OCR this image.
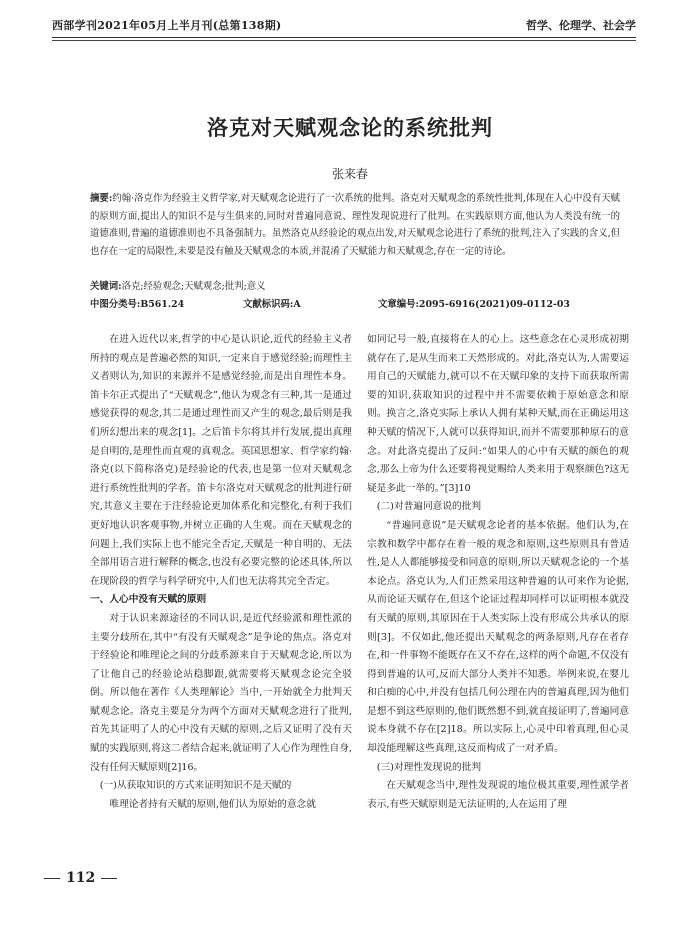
西部学刊2021年05月上半月刊(总第138期)	哲学、伦理学、社会学
洛克对天赋观念论的系统批判
张来春
摘要:约翰·洛克作为经验主义哲学家,对天赋观念论进行了一次系统的批判。洛克对天赋观念的系统性批判,体现在人心中没有天赋的原则方面,提出人的知识不是与生俱来的,同时对普遍同意说、理性发现说进行了批判。在实践原则方面,他认为人类没有统一的道德准则,普遍的道德准则也不具备强制力。虽然洛克从经验论的观点出发,对天赋观念论进行了系统的批判,注入了实践的含义,但也存在一定的局限性,未要是没有触及天赋观念的本质,并混淆了天赋能力和天赋观念,存在一定的诗论。
关键词:洛克;经验观念;天赋观念;批判;意义
中图分类号:B561.24	文献标识码:A	文章编号:2095-6916(2021)09-0112-03

在进入近代以来,哲学的中心是认识论,近代的经验主义者所持的观点是普遍必然的知识,一定来自于感觉经验;而理性主义者则认为,知识的来源并不是感觉经验,而是出自理性本身。笛卡尔正式提出了“天赋观念”,他认为观念有三种,其一是通过感觉获得的观念,其二是通过理性而又产生的观念,最后则是我们所幻想出来的观念[1]。之后笛卡尔将其并行发展,提出真理是自明的,是理性而直观的真观念。英国思想家、哲学家约翰·洛克(以下简称洛克)是经验论的代表,也是第一位对天赋观念进行系统性批判的学者。笛卡尔洛克对天赋观念的批判进行研究,其意义主要在于注经验论更加体系化和完整化,有利于我们更好地认识客观事物,并树立正确的人生观。而在天赋观念的问题上,我们实际上也不能完全否定,天赋是一种自明的、无法全部用语言进行解释的概念,也没有必要完整的论述具体,所以在现阶段的哲学与科学研究中,人们也无法将其完全否定。

一、人心中没有天赋的原则

对于认识来源途径的不同认识,是近代经验派和理性派的主要分歧所在,其中“有没有天赋观念”是争论的焦点。洛克对于经验论和唯理论之间的分歧系源来自于天赋观念论,所以为了让他自己的经验论站稳脚跟,就需要将天赋观念论完全驳倒。所以他在著作《人类理解论》当中,一开始就全力批判天赋观念论。洛克主要是分为两个方面对天赋观念进行了批判,首先其证明了人的心中没有天赋的原则,之后又证明了没有天赋的实践原则,将这二者结合起来,就证明了人心作为理性自身,没有任何天赋原则[2]16。

(一)从获取知识的方式来证明知识不是天赋的

唯理论者持有天赋的原则,他们认为原始的意念就

如同记号一般,直接将在人的心上。这些意念在心灵形成初期就存在了,是从生而来工天然形成的。对此,洛克认为,人需要运用自己的天赋能力,就可以不在天赋印象的支持下而获取所需要的知识,获取知识的过程中并不需要依赖于原始意念和原则。换言之,洛克实际上承认人拥有某种天赋,而在正确运用这种天赋的情况下,人就可以获得知识,而并不需要那种原石的意念。对此洛克提出了反问:“如果人的心中有天赋的颜色的观念,那么上帝为什么还要将视觉赐给人类来用于观察颜色?这无疑是多此一举的。”[3]10

(二)对普遍同意说的批判

“普遍同意说”是天赋观念论者的基本依据。他们认为,在宗教和数学中都存在着一般的观念和原则,这些原则具有普适性,是人人都能够接受和同意的原则,所以天赋观念论的一个基本论点。洛克认为,人们正然采用这种普遍的认可来作为论据,从而论证天赋存在,但这个论证过程却同样可以证明根本就没有天赋的原则,其原因在于人类实际上没有形成公共承认的原则[3]。不仅如此,他还提出天赋观念的两条原则,凡存在者存在,和一件事物不能既存在又不存在,这样的两个命题,不仅没有得到普遍的认可,反而大部分人类并不知悉。举例来说,在婴儿和白痴的心中,并没有包括几何公理在内的普遍真理,因为他们是想不到这些原则的,他们既然想不到,就直接证明了,普遍同意说本身就不存在[2]18。所以实际上,心灵中印着真理,但心灵却没能理解这些真理,这反而构成了一对矛盾。

(三)对理性发现说的批判

在天赋观念当中,理性发现说的地位极其重要,理性派学者表示,有些天赋原则是无法证明的,人在运用了理

112
